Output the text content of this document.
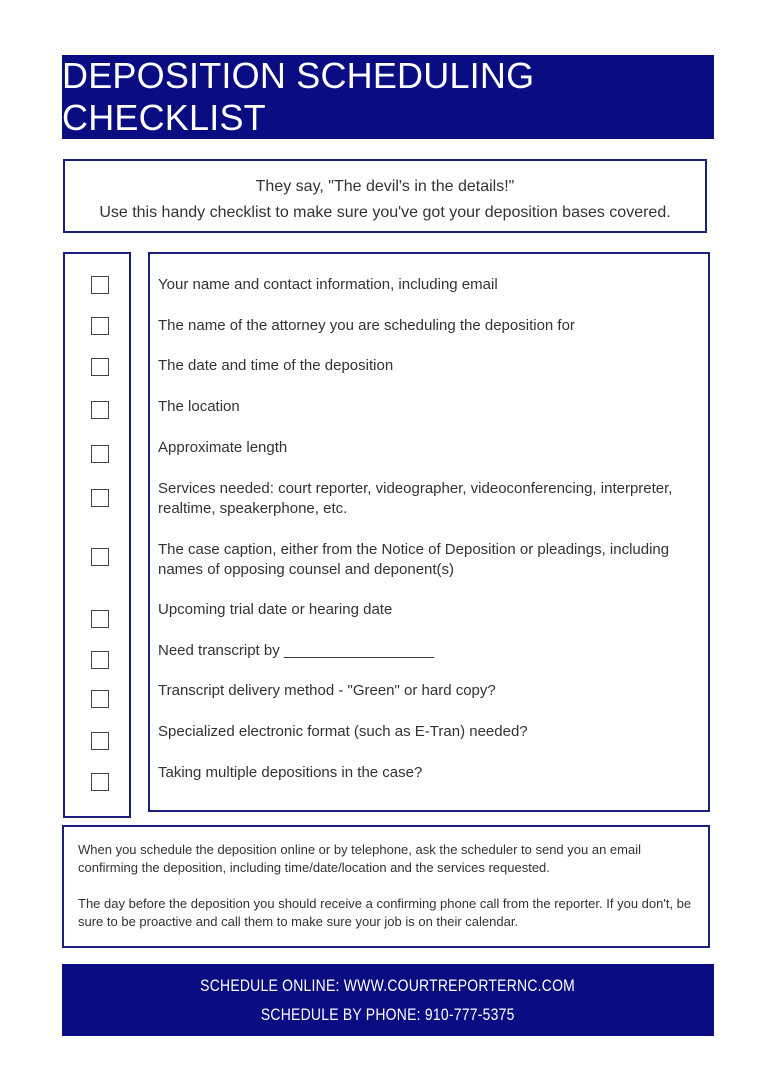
DEPOSITION SCHEDULING CHECKLIST
They say, "The devil's in the details!"
Use this handy checklist to make sure you've got your deposition bases covered.
Your name and contact information, including email
The name of the attorney you are scheduling the deposition for
The date and time of the deposition
The location
Approximate length
Services needed: court reporter, videographer, videoconferencing, interpreter, realtime, speakerphone, etc.
The case caption, either from the Notice of Deposition or pleadings, including names of opposing counsel and deponent(s)
Upcoming trial date or hearing date
Need transcript by __________________
Transcript delivery method - "Green" or hard copy?
Specialized electronic format (such as E-Tran) needed?
Taking multiple depositions in the case?

When you schedule the deposition online or by telephone, ask the scheduler to send you an email confirming the deposition, including time/date/location and the services requested.

The day before the deposition you should receive a confirming phone call from the reporter. If you don't, be sure to be proactive and call them to make sure your job is on their calendar.

SCHEDULE ONLINE: WWW.COURTREPORTERNC.COM
SCHEDULE BY PHONE: 910-777-5375
